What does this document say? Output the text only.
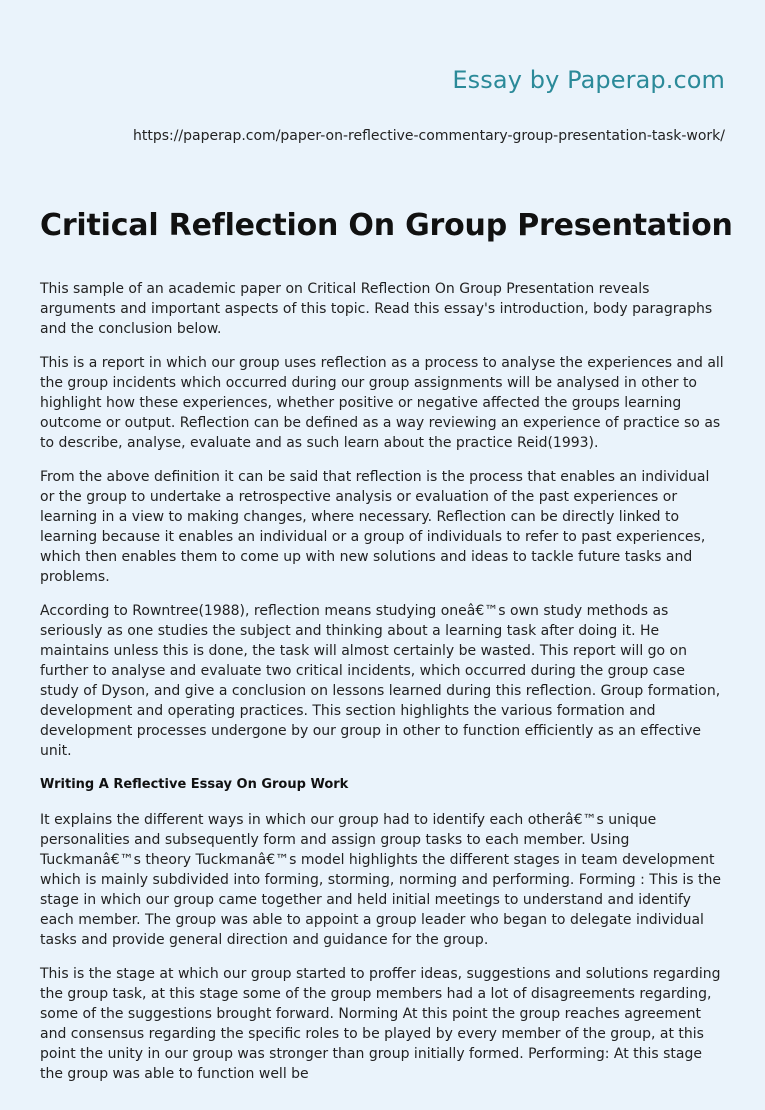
Essay by Paperap.com
https://paperap.com/paper-on-reflective-commentary-group-presentation-task-work/
Critical Reflection On Group Presentation

This sample of an academic paper on Critical Reflection On Group Presentation reveals arguments and important aspects of this topic. Read this essay's introduction, body paragraphs and the conclusion below.

This is a report in which our group uses reflection as a process to analyse the experiences and all the group incidents which occurred during our group assignments will be analysed in other to highlight how these experiences, whether positive or negative affected the groups learning outcome or output. Reflection can be defined as a way reviewing an experience of practice so as to describe, analyse, evaluate and as such learn about the practice Reid(1993).

From the above definition it can be said that reflection is the process that enables an individual or the group to undertake a retrospective analysis or evaluation of the past experiences or learning in a view to making changes, where necessary. Reflection can be directly linked to learning because it enables an individual or a group of individuals to refer to past experiences, which then enables them to come up with new solutions and ideas to tackle future tasks and problems.

According to Rowntree(1988), reflection means studying oneâ€™s own study methods as seriously as one studies the subject and thinking about a learning task after doing it. He maintains unless this is done, the task will almost certainly be wasted. This report will go on further to analyse and evaluate two critical incidents, which occurred during the group case study of Dyson, and give a conclusion on lessons learned during this reflection. Group formation, development and operating practices. This section highlights the various formation and development processes undergone by our group in other to function efficiently as an effective unit.

Writing A Reflective Essay On Group Work

It explains the different ways in which our group had to identify each otherâ€™s unique personalities and subsequently form and assign group tasks to each member. Using Tuckmanâ€™s theory Tuckmanâ€™s model highlights the different stages in team development which is mainly subdivided into forming, storming, norming and performing. Forming : This is the stage in which our group came together and held initial meetings to understand and identify each member. The group was able to appoint a group leader who began to delegate individual tasks and provide general direction and guidance for the group.

This is the stage at which our group started to proffer ideas, suggestions and solutions regarding the group task, at this stage some of the group members had a lot of disagreements regarding, some of the suggestions brought forward. Norming At this point the group reaches agreement and consensus regarding the specific roles to be played by every member of the group, at this point the unity in our group was stronger than group initially formed. Performing: At this stage the group was able to function well be
